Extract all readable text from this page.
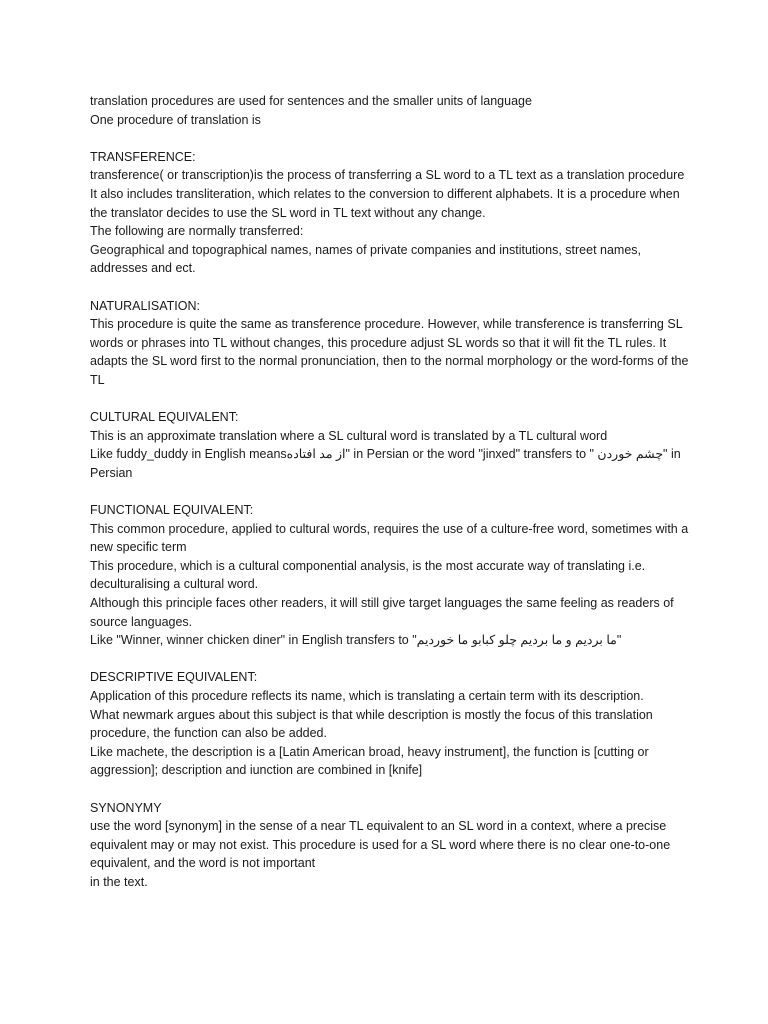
translation procedures are used for sentences and the smaller units of language
One procedure of translation is
TRANSFERENCE:
transference( or transcription)is the process of transferring a SL word to a TL text as a translation procedure
It also includes transliteration, which relates to the conversion to different alphabets. It is a procedure when the translator decides to use the SL word in TL text without any change.
The following are normally transferred:
Geographical and topographical names, names of private companies and institutions, street names, addresses and ect.
NATURALISATION:
This procedure is quite the same as transference procedure. However, while transference is transferring SL words or phrases into TL without changes, this procedure adjust SL words so that it will fit the TL rules. It adapts the SL word first to the normal pronunciation, then to the normal morphology or the word-forms of the TL
CULTURAL EQUIVALENT:
This is an approximate translation where a SL cultural word is translated by a TL cultural word
Like fuddy_duddy in English meansاز مد افتاده" in Persian or the word "jinxed" transfers to " چشم خوردن" in Persian
FUNCTIONAL EQUIVALENT:
This common procedure, applied to cultural words, requires the use of a culture-free word, sometimes with a new specific term
This procedure, which is a cultural componential analysis, is the most accurate way of translating i.e. deculturalising a cultural word.
Although this principle faces other readers, it will still give target languages the same feeling as readers of source languages.
Like "Winner, winner chicken diner" in English transfers to "ما بردیم و ما بردیم چلو کبابو ما خوردیم"
DESCRIPTIVE EQUIVALENT:
Application of this procedure reflects its name, which is translating a certain term with its description.
What newmark argues about this subject is that while description is mostly the focus of this translation procedure, the function can also be added.
Like machete, the description is a [Latin American broad, heavy instrument], the function is [cutting or aggression]; description and iunction are combined in [knife]
SYNONYMY
use the word [synonym] in the sense of a near TL equivalent to an SL word in a context, where a precise equivalent may or may not exist. This procedure is used for a SL word where there is no clear one-to-one equivalent, and the word is not important
in the text.
